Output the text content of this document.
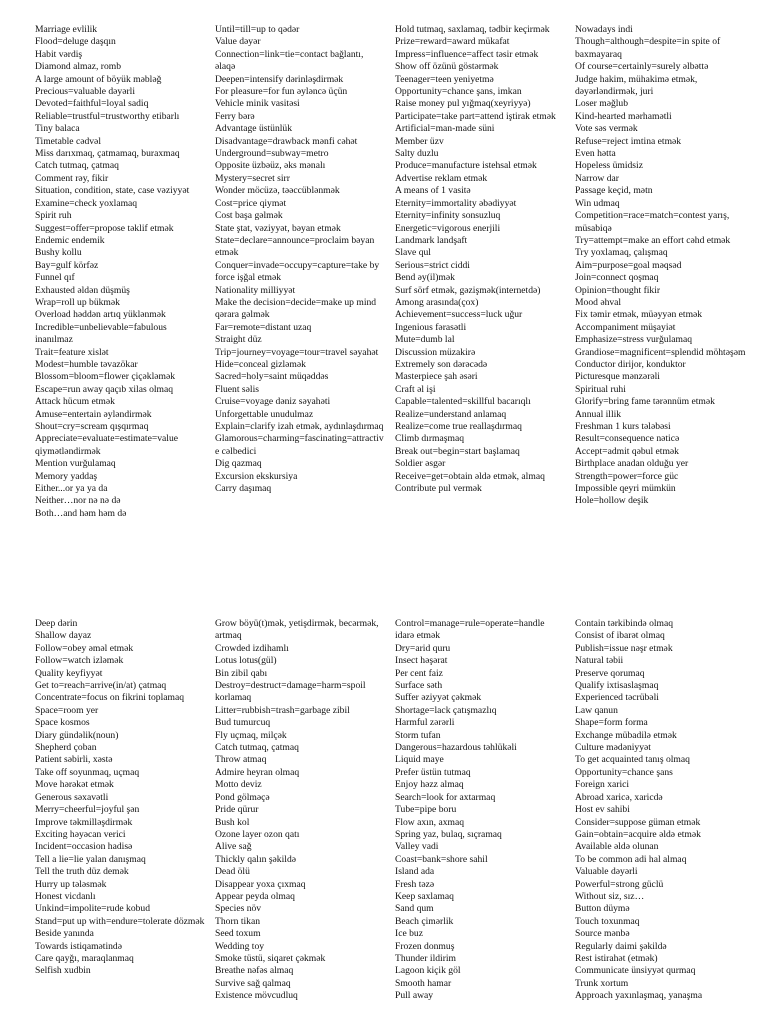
Marriage evlilik
Flood=deluge daşqın
Habit vərdiş
Diamond almaz, romb
A large amount of böyük məbləğ
Precious=valuable dəyərli
Devoted=faithful=loyal sadiq
Reliable=trustful=trustworthy etibarlı
Tiny balaca
Timetable cədvəl
Miss darıxmaq, çatmamaq, buraxmaq
Catch tutmaq, çatmaq
Comment rəy, fikir
Situation, condition, state, case vəziyyət
Examine=check yoxlamaq
Spirit ruh
Suggest=offer=propose təklif etmək
Endemic endemik
Bushy kollu
Bay=gulf körfəz
Funnel qıf
Exhausted əldən düşmüş
Wrap=roll up bükmək
Overload həddən artıq yüklənmək
Incredible=unbelievable=fabulous inanılmaz
Trait=feature xislət
Modest=humble təvazökar
Blossom=bloom=flower çiçəkləmək
Escape=run away qaçıb xilas olmaq
Attack hücum etmək
Amuse=entertain əyləndirmək
Shout=cry=scream qışqırmaq
Appreciate=evaluate=estimate=value qiymətləndirmək
Mention vurğulamaq
Memory yaddaş
Either...or ya ya da
Neither…nor nə nə də
Both…and həm həm də
Until=till=up to qədər
Value dəyər
Connection=link=tie=contact bağlantı, əlaqə
Deepen=intensify dərinləşdirmək
For pleasure=for fun əyləncə üçün
Vehicle minik vasitəsi
Ferry bərə
Advantage üstünlük
Disadvantage=drawback mənfi cəhət
Underground=subway=metro
Opposite üzbəüz, əks mənalı
Mystery=secret sirr
Wonder möcüzə, təəccüblənmək
Cost=price qiymət
Cost başa gəlmək
State ştat, vəziyyət, bəyan etmək
State=declare=announce=proclaim bəyan etmək
Conquer=invade=occupy=capture=take by force işğal etmək
Nationality milliyyət
Make the decision=decide=make up mind qərara gəlmək
Far=remote=distant uzaq
Straight düz
Trip=journey=voyage=tour=travel səyahət
Hide=conceal gizləmək
Sacred=holy=saint müqəddəs
Fluent səlis
Cruise=voyage dəniz səyahəti
Unforgettable unudulmaz
Explain=clarify izah etmək, aydınlaşdırmaq
Glamorous=charming=fascinating=attractive cəlbedici
Dig qazmaq
Excursion ekskursiya
Carry daşımaq
Hold tutmaq, saxlamaq, tədbir keçirmək
Prize=reward=award mükafat
Impress=influence=affect təsir etmək
Show off özünü göstərmək
Teenager=teen yeniyetmə
Opportunity=chance şans, imkan
Raise money pul yığmaq(xeyriyyə)
Participate=take part=attend iştirak etmək
Artificial=man-made süni
Member üzv
Salty duzlu
Produce=manufacture istehsal etmək
Advertise reklam etmək
A means of 1 vasitə
Eternity=immortality əbədiyyət
Eternity=infinity sonsuzluq
Energetic=vigorous enerjili
Landmark landşaft
Slave qul
Serious=strict ciddi
Bend əy(il)mək
Surf sörf etmək, gəzişmək(internetdə)
Among arasında(çox)
Achievement=success=luck uğur
Ingenious fərasətli
Mute=dumb lal
Discussion müzakirə
Extremely son dərəcədə
Masterpiece şah əsəri
Craft əl işi
Capable=talented=skillful bacarıqlı
Realize=understand anlamaq
Realize=come true reallaşdırmaq
Climb dırmaşmaq
Break out=begin=start başlamaq
Soldier əsgər
Receive=get=obtain əldə etmək, almaq
Contribute pul vermək
Nowadays indi
Though=although=despite=in spite of baxmayaraq
Of course=certainly=surely əlbəttə
Judge hakim, mühakimə etmək, dəyərləndirmək, juri
Loser məğlub
Kind-hearted mərhamətli
Vote səs vermək
Refuse=reject imtina etmək
Even hətta
Hopeless ümidsiz
Narrow dar
Passage keçid, mətn
Win udmaq
Competition=race=match=contest yarış, müsabiqə
Try=attempt=make an effort cəhd etmək
Try yoxlamaq, çalışmaq
Aim=purpose=goal məqsəd
Join=connect qoşmaq
Opinion=thought fikir
Mood əhval
Fix təmir etmək, müəyyən etmək
Accompaniment müşayiət
Emphasize=stress vurğulamaq
Grandiose=magnificent=splendid möhtəşəm
Conductor dirijor, konduktor
Picturesque mənzərəli
Spiritual ruhi
Glorify=bring fame tərənnüm etmək
Annual illik
Freshman 1 kurs tələbəsi
Result=consequence nəticə
Accept=admit qəbul etmək
Birthplace anadan olduğu yer
Strength=power=force güc
Impossible qeyri mümkün
Hole=hollow deşik
Deep dərin
Shallow dayaz
Follow=obey əməl etmək
Follow=watch izləmək
Quality keyfiyyət
Get to=reach=arrive(in/at) çatmaq
Concentrate=focus on fikrini toplamaq
Space=room yer
Space kosmos
Diary gündəlik(noun)
Shepherd çoban
Patient səbirli, xəstə
Take off soyunmaq, uçmaq
Move hərəkət etmək
Generous səxavətli
Merry=cheerful=joyful şən
Improve təkmilləşdirmək
Exciting həyəcan verici
Incident=occasion hadisə
Tell a lie=lie yalan danışmaq
Tell the truth düz demək
Hurry up tələsmək
Honest vicdanlı
Unkind=impolite=rude kobud
Stand=put up with=endure=tolerate dözmək
Beside yanında
Towards istiqamətində
Care qayğı, maraqlanmaq
Selfish xudbin
Grow böyü(t)mək, yetişdirmək, becərmək, artmaq
Crowded izdihamlı
Lotus lotus(gül)
Bin zibil qabı
Destroy=destruct=damage=harm=spoil korlamaq
Litter=rubbish=trash=garbage zibil
Bud tumurcuq
Fly uçmaq, milçək
Catch tutmaq, çatmaq
Throw atmaq
Admire heyran olmaq
Motto deviz
Pond gölməçə
Pride qürur
Bush kol
Ozone layer ozon qatı
Alive sağ
Thickly qalın şəkildə
Dead ölü
Disappear yoxa çıxmaq
Appear peyda olmaq
Species növ
Thorn tikan
Seed toxum
Wedding toy
Smoke tüstü, siqaret çəkmək
Breathe nəfəs almaq
Survive sağ qalmaq
Existence mövcudluq
Control=manage=rule=operate=handle idarə etmək
Dry=arid quru
Insect həşərat
Per cent faiz
Surface səth
Suffer əziyyət çəkmək
Shortage=lack çatışmazlıq
Harmful zərərli
Storm tufan
Dangerous=hazardous təhlükəli
Liquid maye
Prefer üstün tutmaq
Enjoy həzz almaq
Search=look for axtarmaq
Tube=pipe boru
Flow axın, axmaq
Spring yaz, bulaq, sıçramaq
Valley vadi
Coast=bank=shore sahil
Island ada
Fresh təzə
Keep saxlamaq
Sand qum
Beach çimərlik
Ice buz
Frozen donmuş
Thunder ildirim
Lagoon kiçik göl
Smooth hamar
Pull away
Contain tərkibində olmaq
Consist of ibarət olmaq
Publish=issue nəşr etmək
Natural təbii
Preserve qorumaq
Qualify ixtisaslaşmaq
Experienced təcrübəli
Law qanun
Shape=form forma
Exchange mübadilə etmək
Culture mədəniyyət
To get acquainted tanış olmaq
Opportunity=chance şans
Foreign xarici
Abroad xaricə, xaricdə
Host ev sahibi
Consider=suppose güman etmək
Gain=obtain=acquire əldə etmək
Available əldə olunan
To be common adi hal almaq
Valuable dəyərli
Powerful=strong güclü
Without siz, sız…
Button düymə
Touch toxunmaq
Source mənbə
Regularly daimi şəkildə
Rest istirahət (etmək)
Communicate ünsiyyət qurmaq
Trunk xortum
Approach yaxınlaşmaq, yanaşma
